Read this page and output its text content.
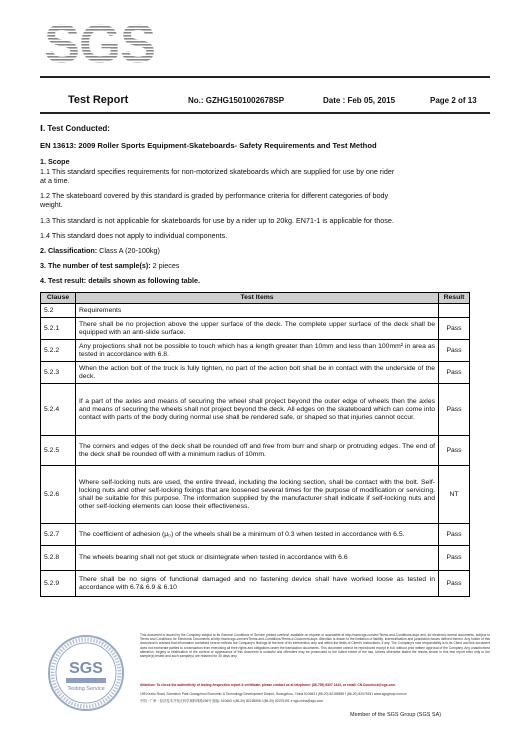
SGS
Test Report	No.: GZHG1501002678SP	Date : Feb 05, 2015	Page 2 of 13
Ⅰ. Test Conducted:
EN 13613: 2009 Roller Sports Equipment-Skateboards- Safety Requirements and Test Method
1. Scope
1.1 This standard specifies requirements for non-motorized skateboards which are supplied for use by one rider
at a time.
1.2 The skateboard covered by this standard is graded by performance criteria for different categories of body
weight.
1.3 This standard is not applicable for skateboards for use by a rider up to 20kg. EN71-1 is applicable for those.
1.4 This standard does not apply to individual components.
2. Classification: Class A (20-100kg)
3. The number of test sample(s): 2 pieces
4. Test result: details shown as following table.
Clause	Test Items	Result
5.2	Requirements	
5.2.1	There shall be no projection above the upper surface of the deck. The complete upper surface of the deck shall be equipped with an anti-slide surface.	Pass
5.2.2	Any projections shall not be possible to touch which has a length greater than 10mm and less than 100mm² in area as tested in accordance with 6.8.	Pass
5.2.3	When the action bolt of the truck is fully tighten, no part of the action bolt shall be in contact with the underside of the deck.	Pass
5.2.4	If a part of the axles and means of securing the wheel shall project beyond the outer edge of wheels then the axles and means of securing the wheels shall not project beyond the deck. All edges on the skateboard which can come into contact with parts of the body during normal use shall be rendered safe, or shaped so that injuries cannot occur.	Pass
5.2.5	The corners and edges of the deck shall be rounded off and free from burr and sharp or protruding edges. The end of the deck shall be rounded off with a minimum radius of 10mm.	Pass
5.2.6	Where self-locking nuts are used, the entire thread, including the locking section, shall be contact with the bolt. Self-locking nuts and other self-locking fixings that are loosened several times for the purpose of modification or servicing. shall be suitable for this purpose. The information supplied by the manufacturer shall indicate if self-locking nuts and other self-locking elements can loose their effectiveness.	NT
5.2.7	The coefficient of adhesion (μ₀) of the wheels shall be a minimum of 0.3 when tested in accordance with 6.5.	Pass
5.2.8	The wheels bearing shall not get stuck or disintegrate when tested in accordance with 6.6	Pass
5.2.9	There shall be no signs of functional damaged and no fastening device shall have worked loose as tested in accordance with 6.7& 6.9 & 6.10	Pass
SGS
Testing Service
This document is issued by the Company subject to its General Conditions of Service printed overleaf, available on request or accessible at http://www.sgs.com/en/Terms-and-Conditions.aspx and, for electronic format documents, subject to Terms and Conditions for Electronic Documents at http://www.sgs.com/en/Terms-and-Conditions/Terms-e-Document.aspx. Attention is drawn to the limitation of liability, indemnification and jurisdiction issues defined therein. Any holder of this document is advised that information contained hereon reflects the Company's findings at the time of its intervention only and within the limits of Client's instructions, if any. The Company's sole responsibility is to its Client and this document does not exonerate parties to a transaction from exercising all their rights and obligations under the transaction documents. This document cannot be reproduced except in full, without prior written approval of the Company. Any unauthorized alteration, forgery or falsification of the content or appearance of this document is unlawful and offenders may be prosecuted to the fullest extent of the law. Unless otherwise stated the results shown in this test report refer only to the sample(s) tested and such sample(s) are retained for 30 days only.
Attention: To check the authenticity of testing /inspection report & certificate, please contact us at telephone: (86-755) 8307 1443, or email: CN.Doccheck@sgs.com
198 Kezhu Road, Scientech Park Guangzhou Economic & Technology Development District, Guangzhou, China 510663 t (86-20) 82155555 f (86-20) 82075191 www.sgsgroup.com.cn
中国・广州・经济技术开发区科学城科珠路198号 邮编: 510663 t (86-20) 82155555 f (86-20) 82075191 e sgs.china@sgs.com
Member of the SGS Group (SGS SA)
